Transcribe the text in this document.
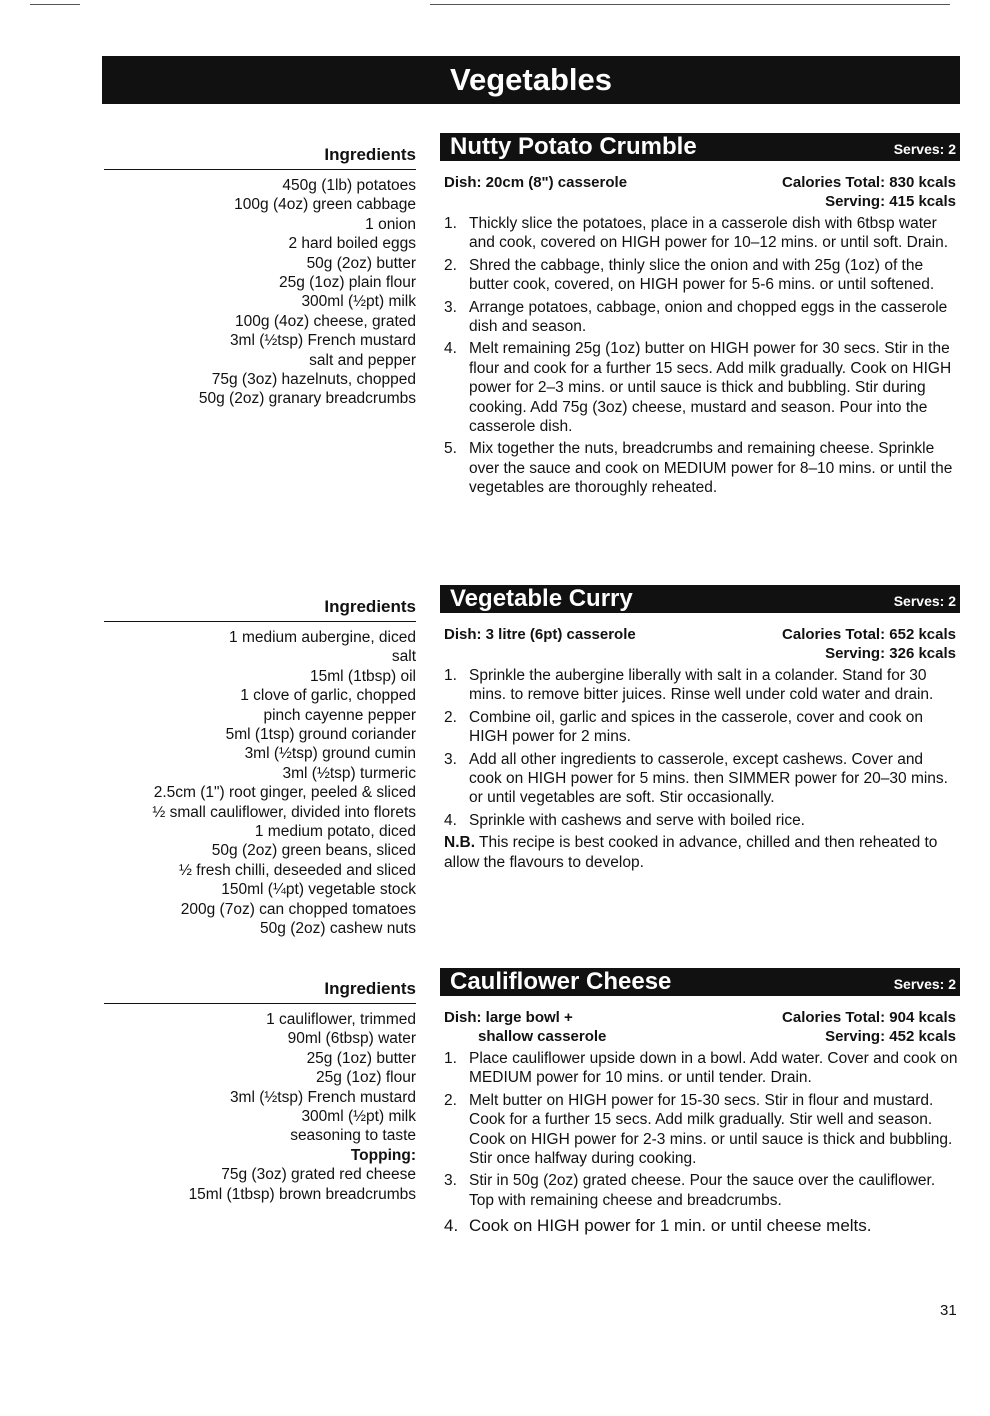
Vegetables
Ingredients
450g (1lb) potatoes
100g (4oz) green cabbage
1 onion
2 hard boiled eggs
50g (2oz) butter
25g (1oz) plain flour
300ml (½pt) milk
100g (4oz) cheese, grated
3ml (½tsp) French mustard
salt and pepper
75g (3oz) hazelnuts, chopped
50g (2oz) granary breadcrumbs
Nutty Potato Crumble	Serves: 2
Dish: 20cm (8") casserole	Calories Total: 830 kcals
Serving: 415 kcals
1. Thickly slice the potatoes, place in a casserole dish with 6tbsp water and cook, covered on HIGH power for 10–12 mins. or until soft. Drain.
2. Shred the cabbage, thinly slice the onion and with 25g (1oz) of the butter cook, covered, on HIGH power for 5-6 mins. or until softened.
3. Arrange potatoes, cabbage, onion and chopped eggs in the casserole dish and season.
4. Melt remaining 25g (1oz) butter on HIGH power for 30 secs. Stir in the flour and cook for a further 15 secs. Add milk gradually. Cook on HIGH power for 2–3 mins. or until sauce is thick and bubbling. Stir during cooking. Add 75g (3oz) cheese, mustard and season. Pour into the casserole dish.
5. Mix together the nuts, breadcrumbs and remaining cheese. Sprinkle over the sauce and cook on MEDIUM power for 8–10 mins. or until the vegetables are thoroughly reheated.
Ingredients
1 medium aubergine, diced
salt
15ml (1tbsp) oil
1 clove of garlic, chopped
pinch cayenne pepper
5ml (1tsp) ground coriander
3ml (½tsp) ground cumin
3ml (½tsp) turmeric
2.5cm (1") root ginger, peeled & sliced
½ small cauliflower, divided into florets
1 medium potato, diced
50g (2oz) green beans, sliced
½ fresh chilli, deseeded and sliced
150ml (¼pt) vegetable stock
200g (7oz) can chopped tomatoes
50g (2oz) cashew nuts
Vegetable Curry	Serves: 2
Dish: 3 litre (6pt) casserole	Calories Total: 652 kcals
Serving: 326 kcals
1. Sprinkle the aubergine liberally with salt in a colander. Stand for 30 mins. to remove bitter juices. Rinse well under cold water and drain.
2. Combine oil, garlic and spices in the casserole, cover and cook on HIGH power for 2 mins.
3. Add all other ingredients to casserole, except cashews. Cover and cook on HIGH power for 5 mins. then SIMMER power for 20–30 mins. or until vegetables are soft. Stir occasionally.
4. Sprinkle with cashews and serve with boiled rice.
N.B. This recipe is best cooked in advance, chilled and then reheated to allow the flavours to develop.
Ingredients
1 cauliflower, trimmed
90ml (6tbsp) water
25g (1oz) butter
25g (1oz) flour
3ml (½tsp) French mustard
300ml (½pt) milk
seasoning to taste
Topping:
75g (3oz) grated red cheese
15ml (1tbsp) brown breadcrumbs
Cauliflower Cheese	Serves: 2
Dish: large bowl +
shallow casserole
Calories Total: 904 kcals
Serving: 452 kcals
1. Place cauliflower upside down in a bowl. Add water. Cover and cook on MEDIUM power for 10 mins. or until tender. Drain.
2. Melt butter on HIGH power for 15-30 secs. Stir in flour and mustard. Cook for a further 15 secs. Add milk gradually. Stir well and season. Cook on HIGH power for 2-3 mins. or until sauce is thick and bubbling. Stir once halfway during cooking.
3. Stir in 50g (2oz) grated cheese. Pour the sauce over the cauliflower. Top with remaining cheese and breadcrumbs.
4. Cook on HIGH power for 1 min. or until cheese melts.
31
